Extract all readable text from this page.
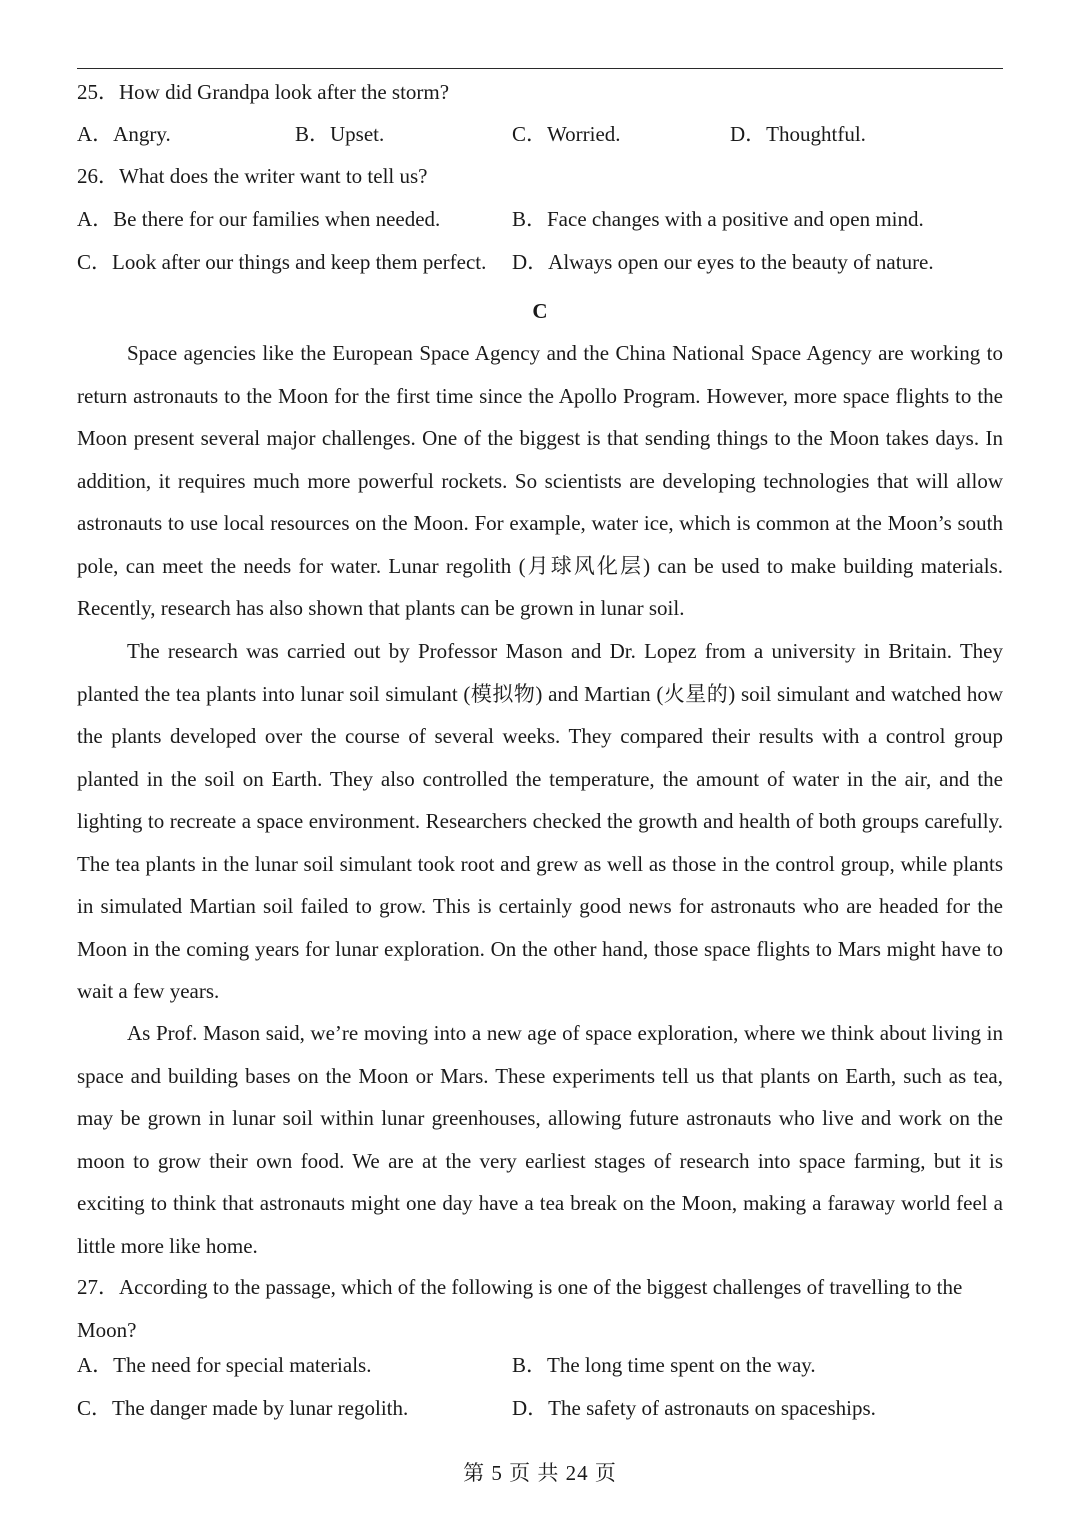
25．How did Grandpa look after the storm?
A．Angry.	B．Upset.	C．Worried.	D．Thoughtful.
26．What does the writer want to tell us?
A．Be there for our families when needed.	B．Face changes with a positive and open mind.
C．Look after our things and keep them perfect. D．Always open our eyes to the beauty of nature.
C

Space agencies like the European Space Agency and the China National Space Agency are working to return astronauts to the Moon for the first time since the Apollo Program. However, more space flights to the Moon present several major challenges. One of the biggest is that sending things to the Moon takes days. In addition, it requires much more powerful rockets. So scientists are developing technologies that will allow astronauts to use local resources on the Moon. For example, water ice, which is common at the Moon’s south pole, can meet the needs for water. Lunar regolith (月球风化层) can be used to make building materials. Recently, research has also shown that plants can be grown in lunar soil.

The research was carried out by Professor Mason and Dr. Lopez from a university in Britain. They planted the tea plants into lunar soil simulant (模拟物) and Martian (火星的) soil simulant and watched how the plants developed over the course of several weeks. They compared their results with a control group planted in the soil on Earth. They also controlled the temperature, the amount of water in the air, and the lighting to recreate a space environment. Researchers checked the growth and health of both groups carefully. The tea plants in the lunar soil simulant took root and grew as well as those in the control group, while plants in simulated Martian soil failed to grow. This is certainly good news for astronauts who are headed for the Moon in the coming years for lunar exploration. On the other hand, those space flights to Mars might have to wait a few years.

As Prof. Mason said, we’re moving into a new age of space exploration, where we think about living in space and building bases on the Moon or Mars. These experiments tell us that plants on Earth, such as tea, may be grown in lunar soil within lunar greenhouses, allowing future astronauts who live and work on the moon to grow their own food. We are at the very earliest stages of research into space farming, but it is exciting to think that astronauts might one day have a tea break on the Moon, making a faraway world feel a little more like home.

27．According to the passage, which of the following is one of the biggest challenges of travelling to the
Moon?
A．The need for special materials.	B．The long time spent on the way.
C．The danger made by lunar regolith.	D．The safety of astronauts on spaceships.
第 5 页 共 24 页
